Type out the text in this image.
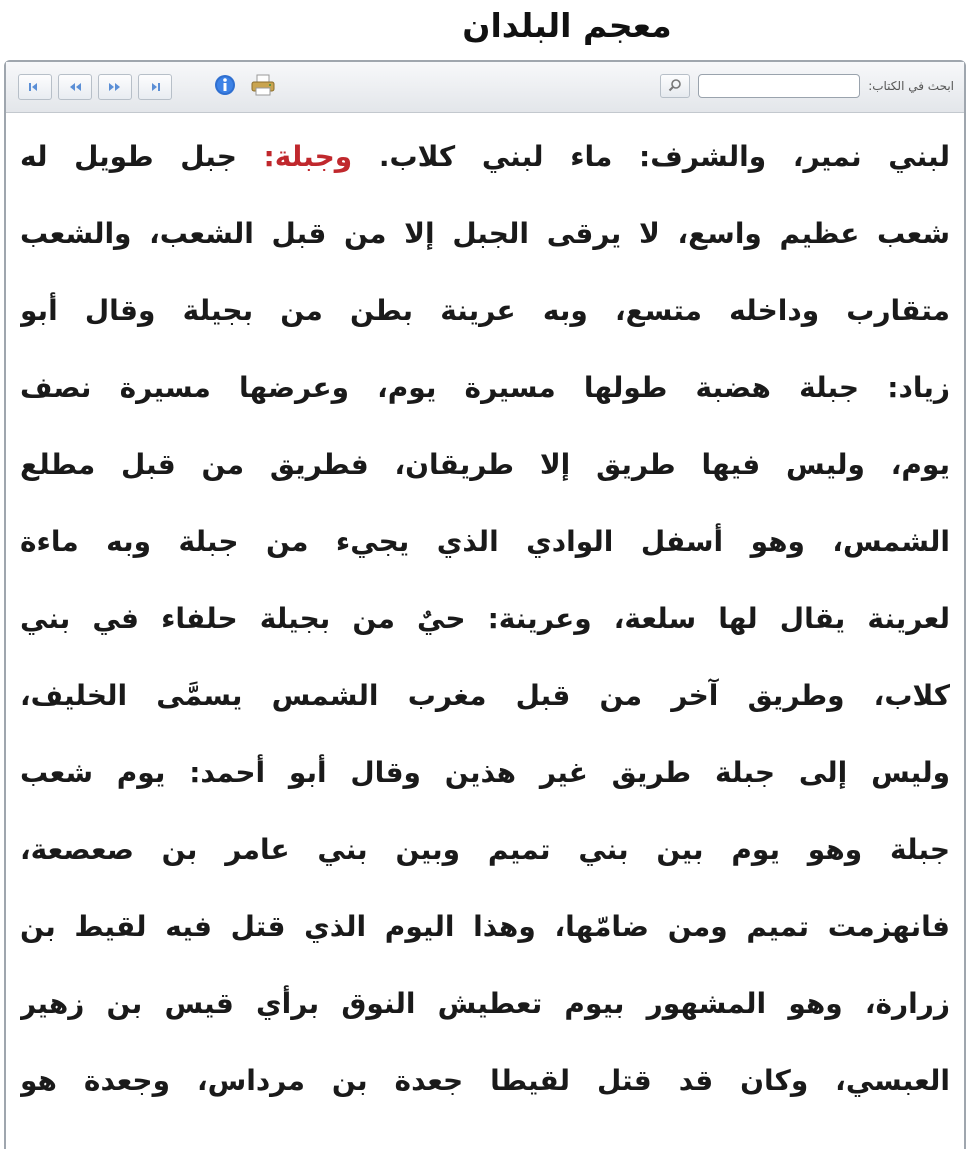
معجم البلدان
ابحث في الكتاب:
لبني نمير، والشرف: ماء لبني كلاب. وجبلة: جبل طويل له
شعب عظيم واسع، لا يرقى الجبل إلا من قبل الشعب، والشعب
متقارب وداخله متسع، وبه عرينة بطن من بجيلة وقال أبو
زياد: جبلة هضبة طولها مسيرة يوم، وعرضها مسيرة نصف
يوم، وليس فيها طريق إلا طريقان، فطريق من قبل مطلع
الشمس، وهو أسفل الوادي الذي يجيء من جبلة وبه ماءة
لعرينة يقال لها سلعة، وعرينة: حيٌ من بجيلة حلفاء في بني
كلاب، وطريق آخر من قبل مغرب الشمس يسمَّى الخليف،
وليس إلى جبلة طريق غير هذين وقال أبو أحمد: يوم شعب
جبلة وهو يوم بين بني تميم وبين بني عامر بن صعصعة،
فانهزمت تميم ومن ضامّها، وهذا اليوم الذي قتل فيه لقيط بن
زرارة، وهو المشهور بيوم تعطيش النوق برأي قيس بن زهير
العبسي، وكان قد قتل لقيطا جعدة بن مرداس، وجعدة هو
